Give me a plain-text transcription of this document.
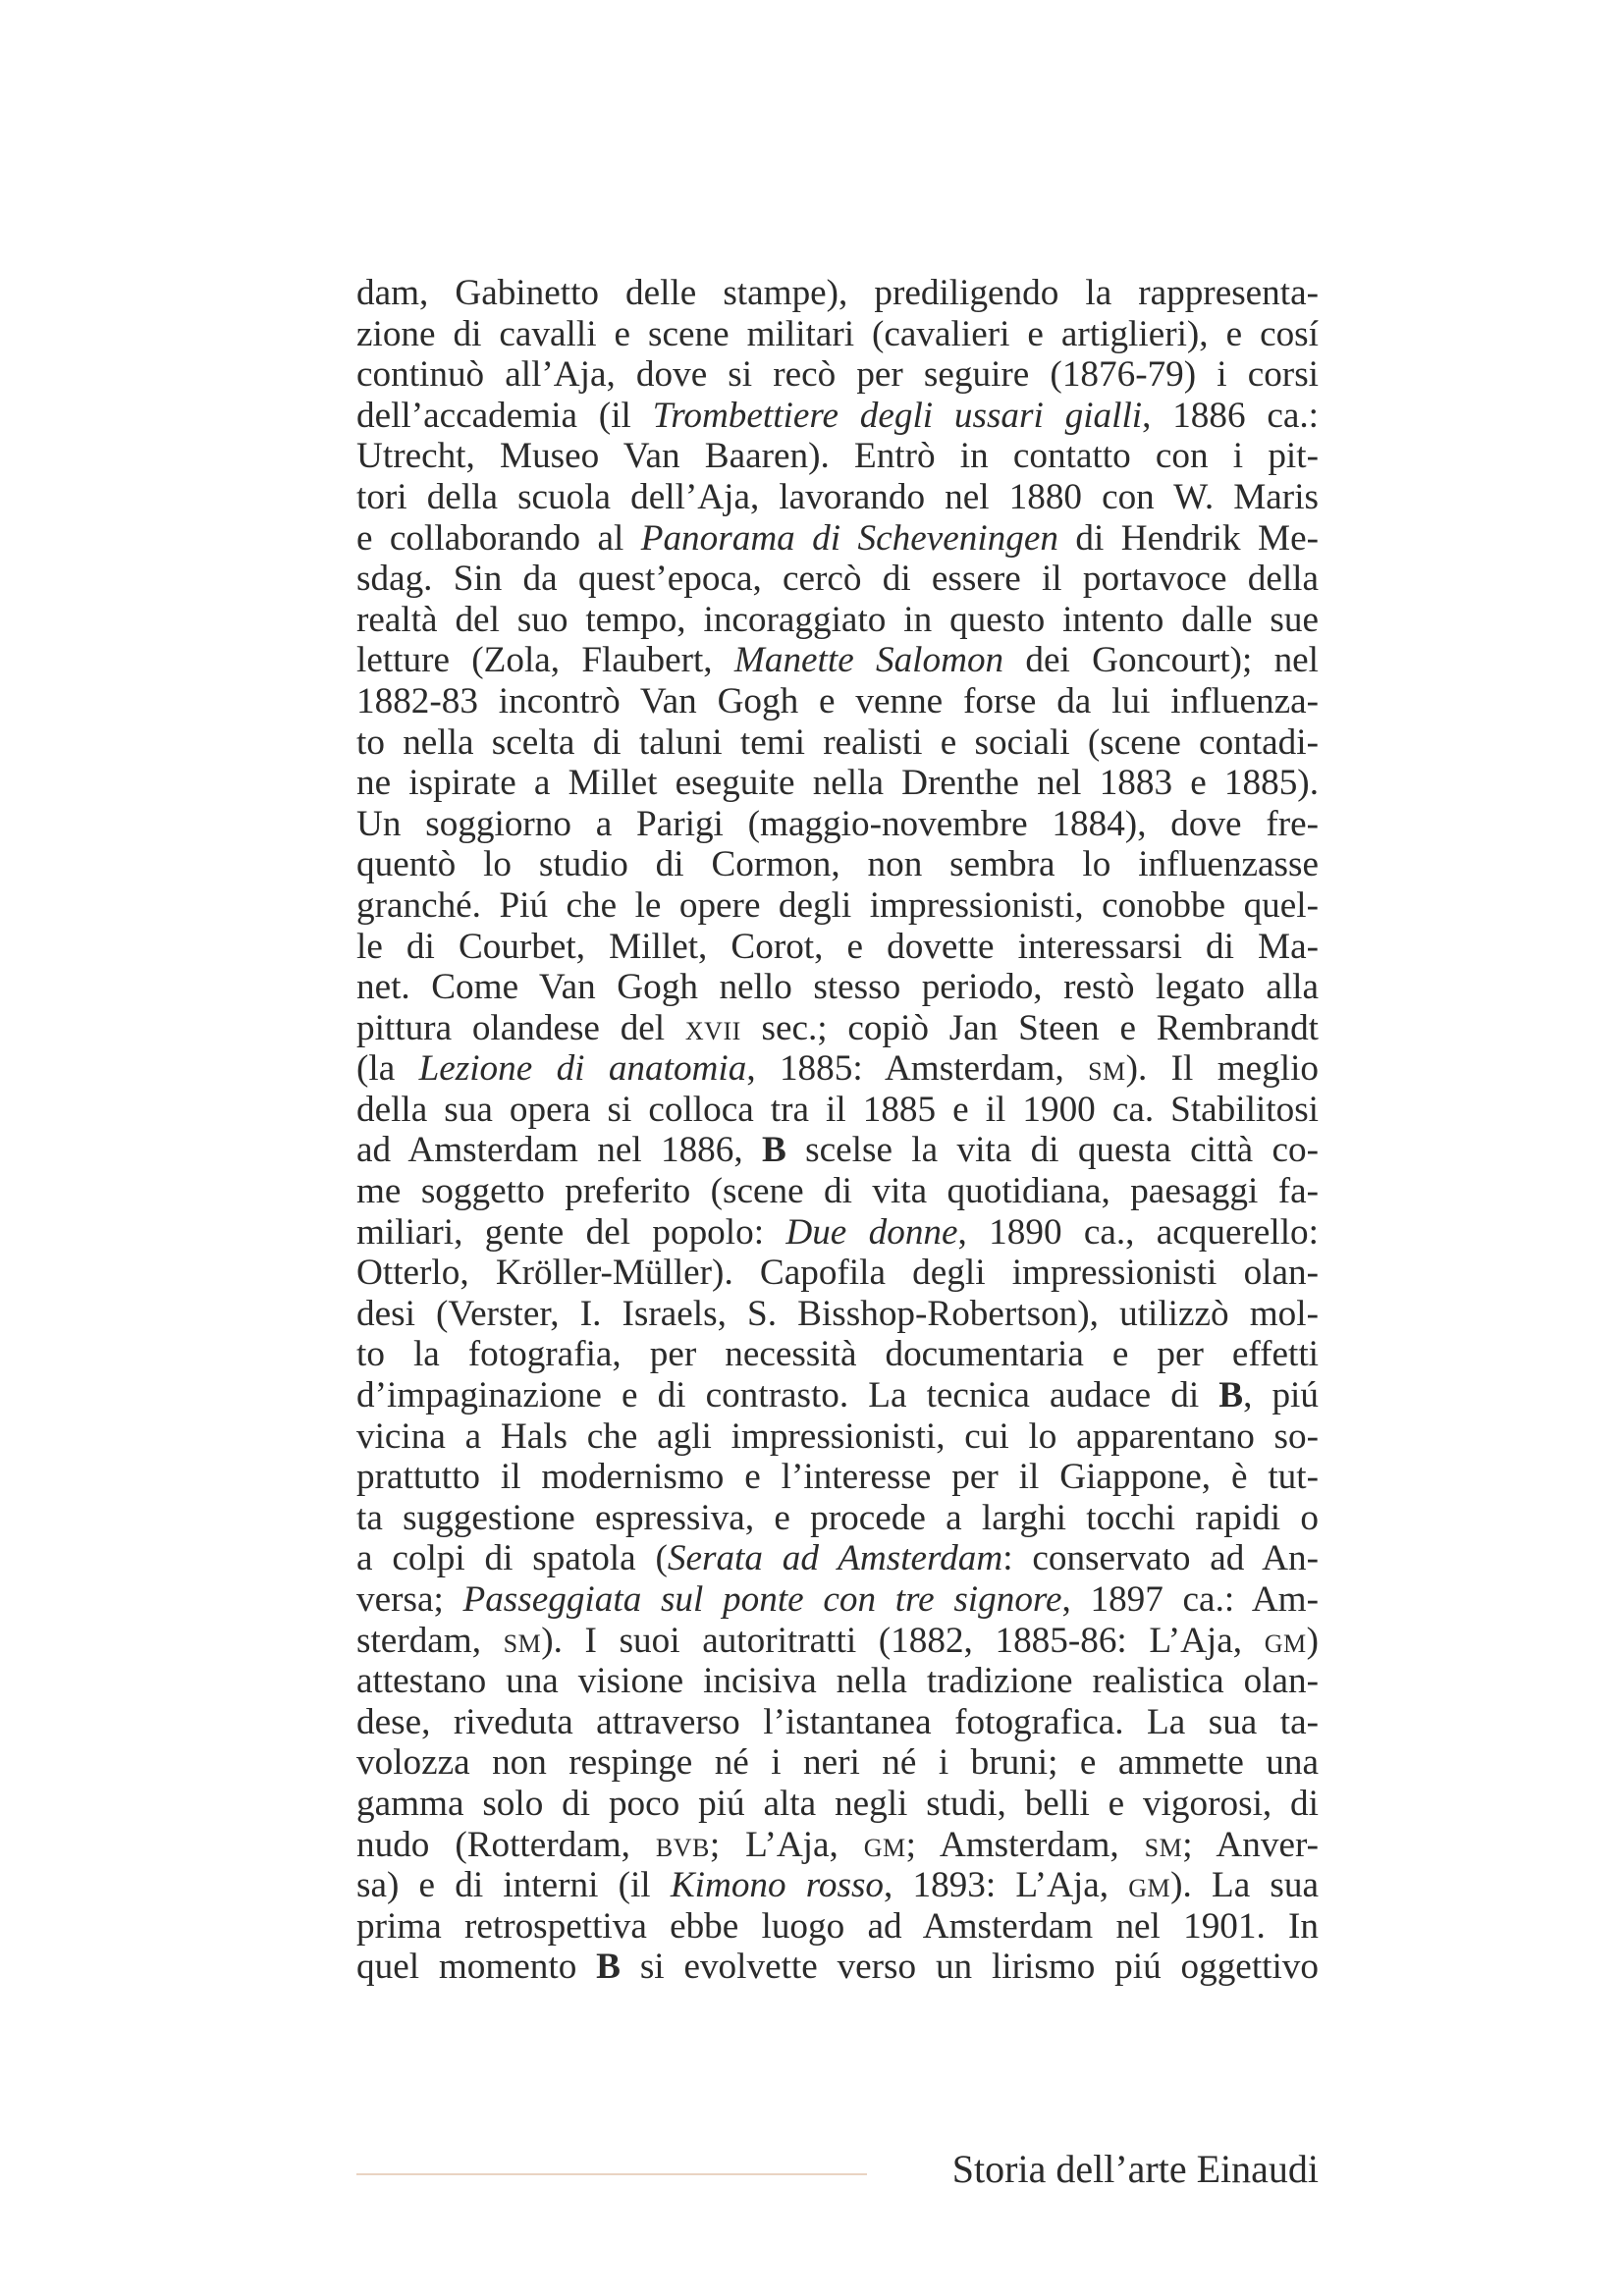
dam, Gabinetto delle stampe), prediligendo la rappresenta-
zione di cavalli e scene militari (cavalieri e artiglieri), e cosí
continuò all’Aja, dove si recò per seguire (1876-79) i corsi
dell’accademia (il Trombettiere degli ussari gialli, 1886 ca.:
Utrecht, Museo Van Baaren). Entrò in contatto con i pit-
tori della scuola dell’Aja, lavorando nel 1880 con W. Maris
e collaborando al Panorama di Scheveningen di Hendrik Me-
sdag. Sin da quest’epoca, cercò di essere il portavoce della
realtà del suo tempo, incoraggiato in questo intento dalle sue
letture (Zola, Flaubert, Manette Salomon dei Goncourt); nel
1882-83 incontrò Van Gogh e venne forse da lui influenza-
to nella scelta di taluni temi realisti e sociali (scene contadi-
ne ispirate a Millet eseguite nella Drenthe nel 1883 e 1885).
Un soggiorno a Parigi (maggio-novembre 1884), dove fre-
quentò lo studio di Cormon, non sembra lo influenzasse
granché. Piú che le opere degli impressionisti, conobbe quel-
le di Courbet, Millet, Corot, e dovette interessarsi di Ma-
net. Come Van Gogh nello stesso periodo, restò legato alla
pittura olandese del xvii sec.; copiò Jan Steen e Rembrandt
(la Lezione di anatomia, 1885: Amsterdam, sm). Il meglio
della sua opera si colloca tra il 1885 e il 1900 ca. Stabilitosi
ad Amsterdam nel 1886, B scelse la vita di questa città co-
me soggetto preferito (scene di vita quotidiana, paesaggi fa-
miliari, gente del popolo: Due donne, 1890 ca., acquerello:
Otterlo, Kröller-Müller). Capofila degli impressionisti olan-
desi (Verster, I. Israels, S. Bisshop-Robertson), utilizzò mol-
to la fotografia, per necessità documentaria e per effetti
d’impaginazione e di contrasto. La tecnica audace di B, piú
vicina a Hals che agli impressionisti, cui lo apparentano so-
prattutto il modernismo e l’interesse per il Giappone, è tut-
ta suggestione espressiva, e procede a larghi tocchi rapidi o
a colpi di spatola (Serata ad Amsterdam: conservato ad An-
versa; Passeggiata sul ponte con tre signore, 1897 ca.: Am-
sterdam, sm). I suoi autoritratti (1882, 1885-86: L’Aja, gm)
attestano una visione incisiva nella tradizione realistica olan-
dese, riveduta attraverso l’istantanea fotografica. La sua ta-
volozza non respinge né i neri né i bruni; e ammette una
gamma solo di poco piú alta negli studi, belli e vigorosi, di
nudo (Rotterdam, bvb; L’Aja, gm; Amsterdam, sm; Anver-
sa) e di interni (il Kimono rosso, 1893: L’Aja, gm). La sua
prima retrospettiva ebbe luogo ad Amsterdam nel 1901. In
quel momento B si evolvette verso un lirismo piú oggettivo
Storia dell’arte Einaudi
